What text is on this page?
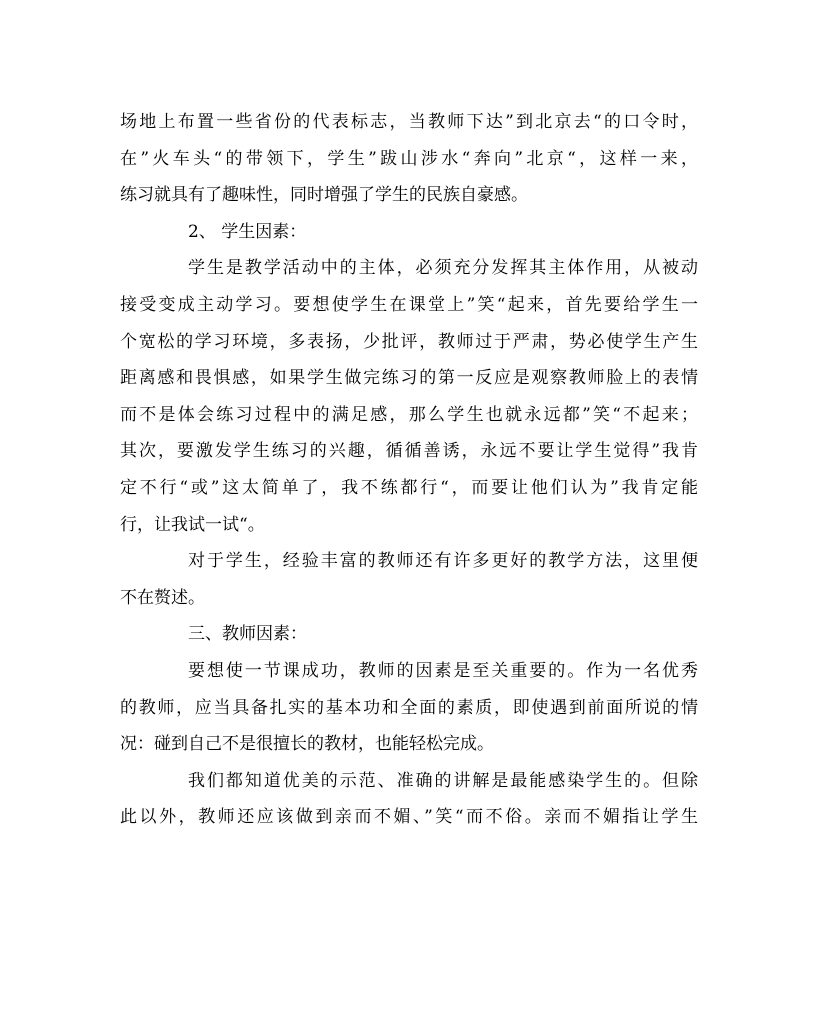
场地上布置一些省份的代表标志，当教师下达”到北京去“的口令时，
在”火车头“的带领下，学生”跋山涉水“奔向”北京“，这样一来，
练习就具有了趣味性，同时增强了学生的民族自豪感。
2、 学生因素：
学生是教学活动中的主体，必须充分发挥其主体作用，从被动
接受变成主动学习。要想使学生在课堂上”笑“起来，首先要给学生一
个宽松的学习环境，多表扬，少批评，教师过于严肃，势必使学生产生
距离感和畏惧感，如果学生做完练习的第一反应是观察教师脸上的表情
而不是体会练习过程中的满足感，那么学生也就永远都”笑“不起来；
其次，要激发学生练习的兴趣，循循善诱，永远不要让学生觉得”我肯
定不行“或”这太简单了，我不练都行“，而要让他们认为”我肯定能
行，让我试一试“。
对于学生，经验丰富的教师还有许多更好的教学方法，这里便
不在赘述。
三、教师因素：
要想使一节课成功，教师的因素是至关重要的。作为一名优秀
的教师，应当具备扎实的基本功和全面的素质，即使遇到前面所说的情
况：碰到自己不是很擅长的教材，也能轻松完成。
我们都知道优美的示范、准确的讲解是最能感染学生的。但除
此以外，教师还应该做到亲而不媚、”笑“而不俗。亲而不媚指让学生
